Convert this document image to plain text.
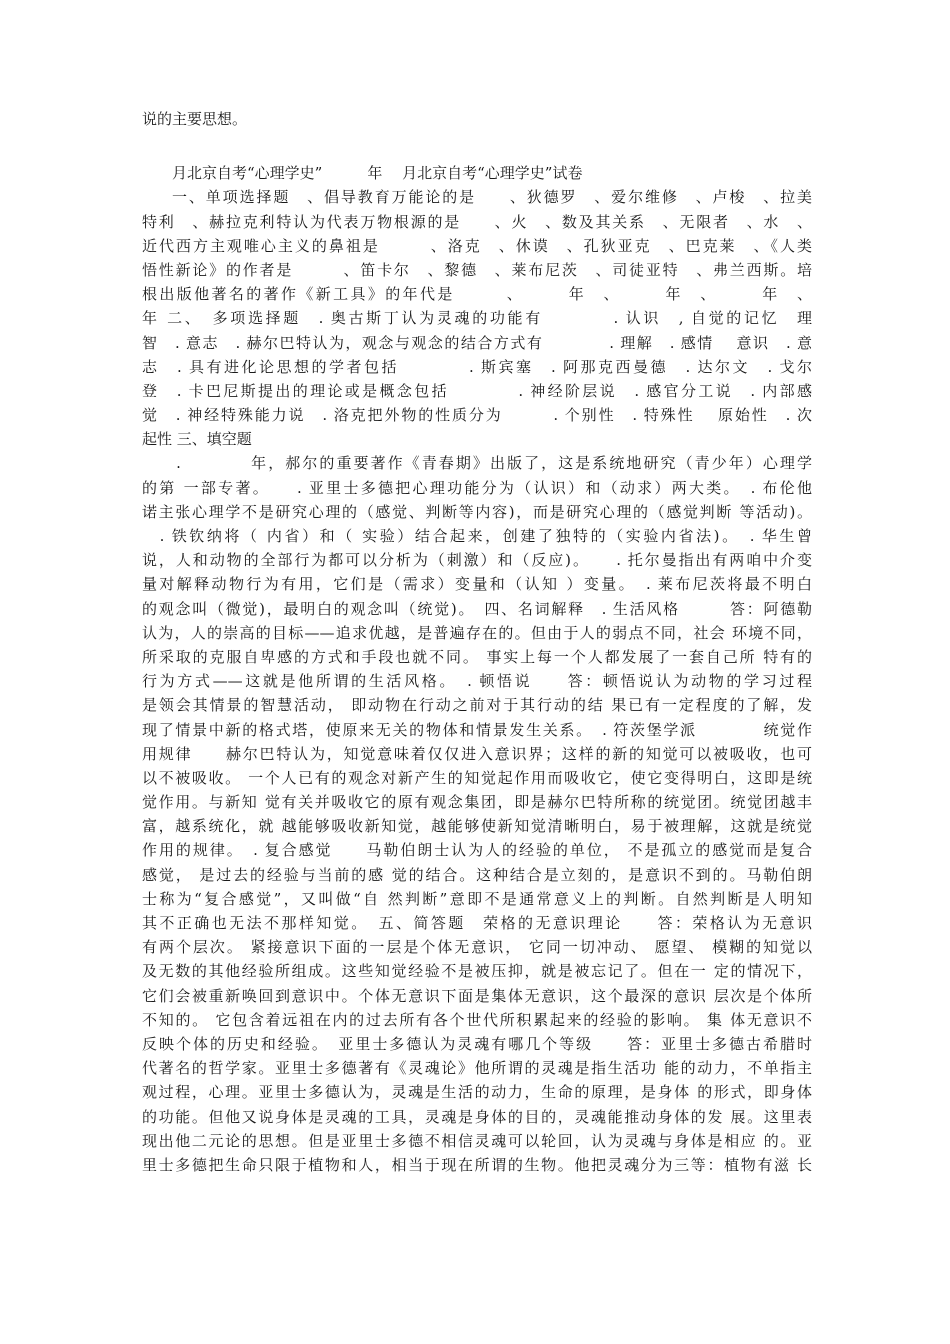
说的主要思想。
月北京自考“心理学史”　　　年　 月北京自考“心理学史”试卷
一、单项选择题　、倡导教育万能论的是　　、狄德罗　、爱尔维修　、卢梭　、拉美
特利　、赫拉克利特认为代表万物根源的是　　、火　、数及其关系　、无限者　、水　、
近代西方主观唯心主义的鼻祖是　　　、洛克　、休谟　、孔狄亚克　、巴克莱　、《人类
悟性新论》的作者是　　　、笛卡尔　、黎德　、莱布尼茨　、司徒亚特　、弗兰西斯。培
根出版他著名的著作《新工具》的年代是　　　、　　　年　、　　　年　、　　　年　、
年 二、　多项选择题　. 奥古斯丁认为灵魂的功能有　　　　. 认识　, 自觉的记忆　理
智　. 意志　. 赫尔巴特认为，观念与观念的结合方式有　　　　. 理解　. 感情　 意识　. 意
志　. 具有进化论思想的学者包括　　　　. 斯宾塞　. 阿那克西曼德　. 达尔文　. 戈尔
登　. 卡巴尼斯提出的理论或是概念包括　　　　. 神经阶层说　. 感官分工说　. 内部感
觉　. 神经特殊能力说　. 洛克把外物的性质分为　　　. 个别性　. 特殊性　 原始性　. 次
起性 三、填空题
　　.　　　　年，郝尔的重要著作《青春期》出版了，这是系统地研究（青少年）心理学
的第 一部专著。　　. 亚里士多德把心理功能分为（认识）和（动求）两大类。　. 布伦他
诺主张心理学不是研究心理的（感觉、判断等内容)，而是研究心理的（感觉判断 等活动)。
　. 铁钦纳将（ 内省）和（ 实验）结合起来，创建了独特的（实验内省法)。　. 华生曾
说，人和动物的全部行为都可以分析为（刺激）和（反应)。　　. 托尔曼指出有两咱中介变
量对解释动物行为有用，它们是（需求）变量和（认知 ）变量。　. 莱布尼茨将最不明白
的观念叫（微觉)，最明白的观念叫（统觉)。　四、名词解释　. 生活风格　　　答：阿德勒
认为，人的崇高的目标——追求优越，是普遍存在的。但由于人的弱点不同，社会 环境不同，
所采取的克服自卑感的方式和手段也就不同。 事实上每一个人都发展了一套自己所 特有的
行为方式——这就是他所谓的生活风格。　. 顿悟说　　答：顿悟说认为动物的学习过程
是领会其情景的智慧活动， 即动物在行动之前对于其行动的结 果已有一定程度的了解，发
现了情景中新的格式塔，使原来无关的物体和情景发生关系。　. 符茨堡学派　　　　统觉作
用规律　　赫尔巴特认为，知觉意味着仅仅进入意识界；这样的新的知觉可以被吸收，也可
以不被吸收。 一个人已有的观念对新产生的知觉起作用而吸收它，使它变得明白，这即是统
觉作用。与新知 觉有关并吸收它的原有观念集团，即是赫尔巴特所称的统觉团。统觉团越丰
富，越系统化，就 越能够吸收新知觉，越能够使新知觉清晰明白，易于被理解，这就是统觉
作用的规律。　. 复合感觉　　马勒伯朗士认为人的经验的单位， 不是孤立的感觉而是复合
感觉， 是过去的经验与当前的感 觉的结合。这种结合是立刻的，是意识不到的。马勒伯朗
士称为“复合感觉”，又叫做“自 然判断”意即不是通常意义上的判断。自然判断是人明知
其不正确也无法不那样知觉。　五、简答题　荣格的无意识理论　　答：荣格认为无意识
有两个层次。 紧接意识下面的一层是个体无意识， 它同一切冲动、 愿望、 模糊的知觉以
及无数的其他经验所组成。这些知觉经验不是被压抑，就是被忘记了。但在一 定的情况下，
它们会被重新唤回到意识中。个体无意识下面是集体无意识，这个最深的意识 层次是个体所
不知的。 它包含着远祖在内的过去所有各个世代所积累起来的经验的影响。 集 体无意识不
反映个体的历史和经验。　亚里士多德认为灵魂有哪几个等级　　答：亚里士多德古希腊时
代著名的哲学家。亚里士多德著有《灵魂论》他所谓的灵魂是指生活功 能的动力，不单指主
观过程，心理。亚里士多德认为，灵魂是生活的动力，生命的原理，是身体 的形式，即身体
的功能。但他又说身体是灵魂的工具，灵魂是身体的目的，灵魂能推动身体的发 展。这里表
现出他二元论的思想。但是亚里士多德不相信灵魂可以轮回，认为灵魂与身体是相应 的。亚
里士多德把生命只限于植物和人，相当于现在所谓的生物。他把灵魂分为三等：植物有滋 长
